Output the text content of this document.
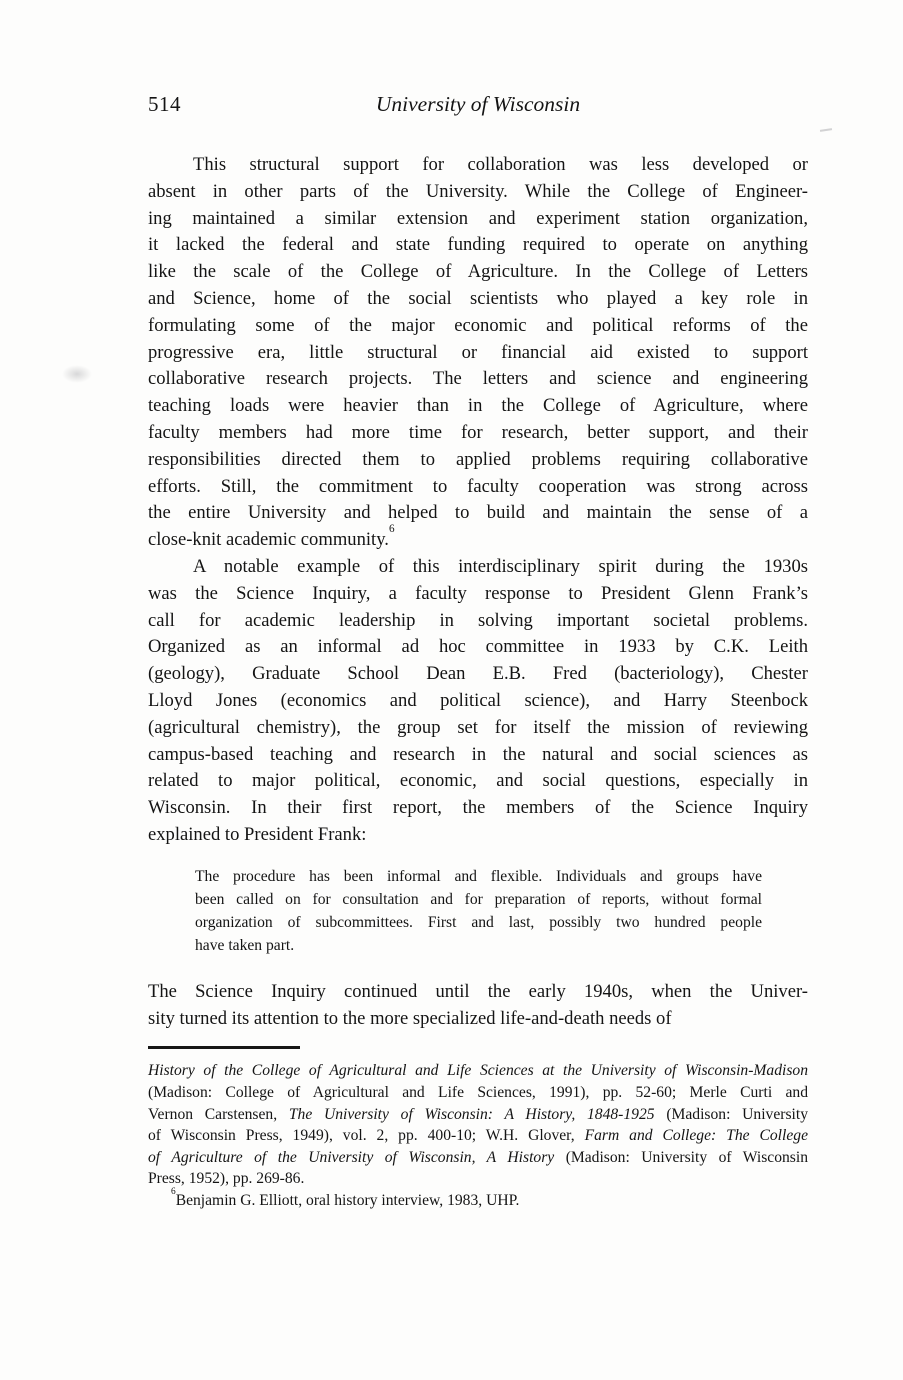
514	University of Wisconsin
This structural support for collaboration was less developed or
absent in other parts of the University. While the College of Engineer-
ing maintained a similar extension and experiment station organization,
it lacked the federal and state funding required to operate on anything
like the scale of the College of Agriculture. In the College of Letters
and Science, home of the social scientists who played a key role in
formulating some of the major economic and political reforms of the
progressive era, little structural or financial aid existed to support
collaborative research projects. The letters and science and engineering
teaching loads were heavier than in the College of Agriculture, where
faculty members had more time for research, better support, and their
responsibilities directed them to applied problems requiring collaborative
efforts. Still, the commitment to faculty cooperation was strong across
the entire University and helped to build and maintain the sense of a
close-knit academic community.$^6$
A notable example of this interdisciplinary spirit during the 1930s
was the Science Inquiry, a faculty response to President Glenn Frank’s
call for academic leadership in solving important societal problems.
Organized as an informal ad hoc committee in 1933 by C.K. Leith
(geology), Graduate School Dean E.B. Fred (bacteriology), Chester
Lloyd Jones (economics and political science), and Harry Steenbock
(agricultural chemistry), the group set for itself the mission of reviewing
campus-based teaching and research in the natural and social sciences as
related to major political, economic, and social questions, especially in
Wisconsin. In their first report, the members of the Science Inquiry
explained to President Frank:
The procedure has been informal and flexible. Individuals and groups have
been called on for consultation and for preparation of reports, without formal
organization of subcommittees. First and last, possibly two hundred people
have taken part.
The Science Inquiry continued until the early 1940s, when the Univer-
sity turned its attention to the more specialized life-and-death needs of
History of the College of Agricultural and Life Sciences at the University of Wisconsin-Madison
(Madison: College of Agricultural and Life Sciences, 1991), pp. 52-60; Merle Curti and
Vernon Carstensen, The University of Wisconsin: A History, 1848-1925 (Madison: University
of Wisconsin Press, 1949), vol. 2, pp. 400-10; W.H. Glover, Farm and College: The College
of Agriculture of the University of Wisconsin, A History (Madison: University of Wisconsin
Press, 1952), pp. 269-86.
$^6$Benjamin G. Elliott, oral history interview, 1983, UHP.
